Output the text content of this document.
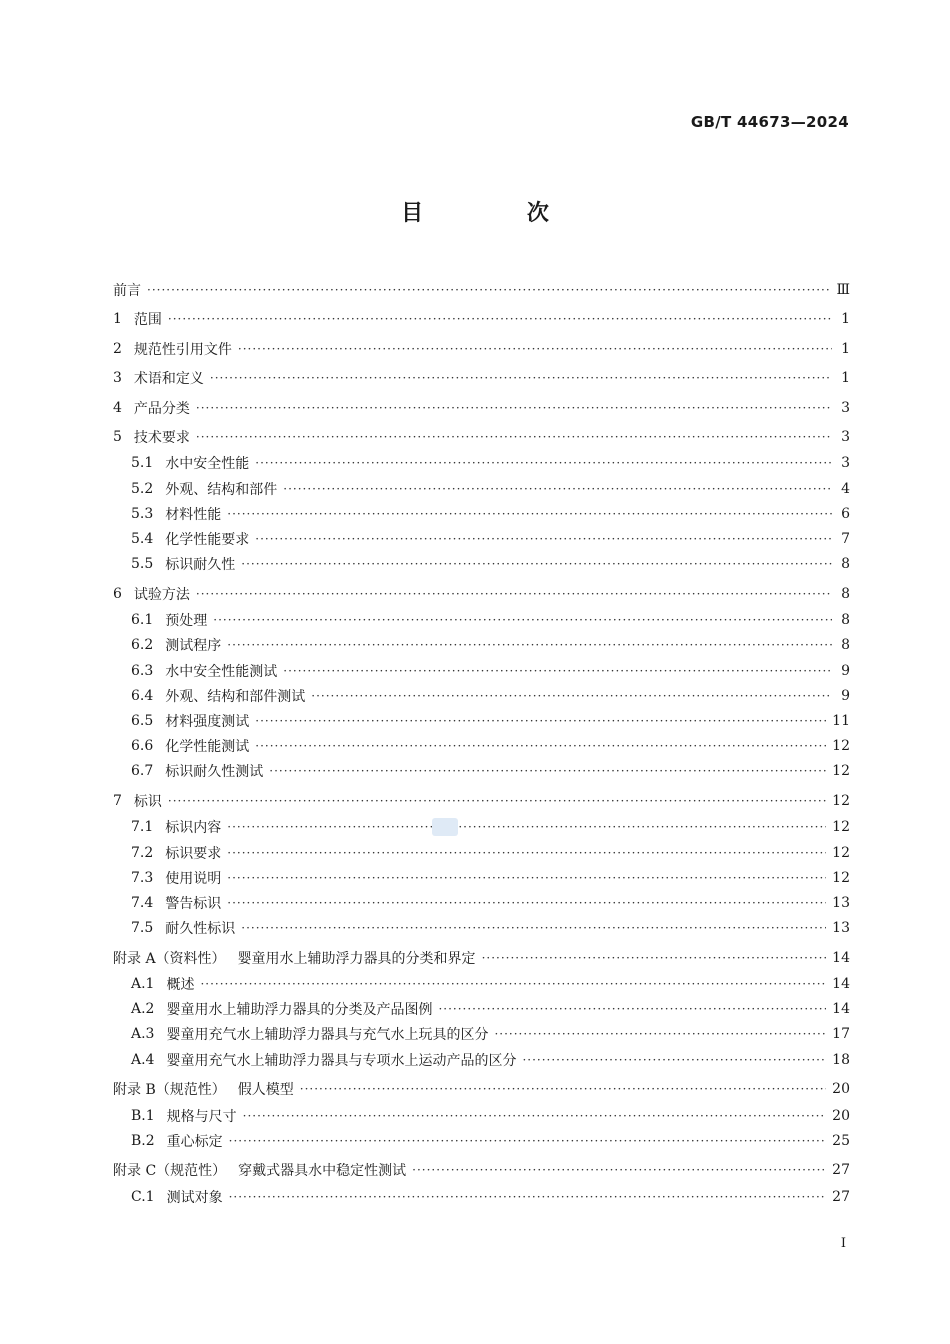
GB/T 44673—2024
目 次
前言 ·····	Ⅲ
1 范围 ·····	1
2 规范性引用文件 ·····	1
3 术语和定义 ·····	1
4 产品分类 ·····	3
5 技术要求 ·····	3
5.1 水中安全性能 ·····	3
5.2 外观、结构和部件 ·····	4
5.3 材料性能 ·····	6
5.4 化学性能要求 ·····	7
5.5 标识耐久性 ·····	8
6 试验方法 ·····	8
6.1 预处理 ·····	8
6.2 测试程序 ·····	8
6.3 水中安全性能测试 ·····	9
6.4 外观、结构和部件测试 ·····	9
6.5 材料强度测试 ·····	11
6.6 化学性能测试 ·····	12
6.7 标识耐久性测试 ·····	12
7 标识 ·····	12
7.1 标识内容 ·····	12
7.2 标识要求 ·····	12
7.3 使用说明 ·····	12
7.4 警告标识 ·····	13
7.5 耐久性标识 ·····	13
附录 A（资料性） 婴童用水上辅助浮力器具的分类和界定 ·····	14
A.1 概述 ·····	14
A.2 婴童用水上辅助浮力器具的分类及产品图例 ·····	14
A.3 婴童用充气水上辅助浮力器具与充气水上玩具的区分 ·····	17
A.4 婴童用充气水上辅助浮力器具与专项水上运动产品的区分 ·····	18
附录 B（规范性） 假人模型 ·····	20
B.1 规格与尺寸 ·····	20
B.2 重心标定 ·····	25
附录 C（规范性） 穿戴式器具水中稳定性测试 ·····	27
C.1 测试对象 ·····	27
I
